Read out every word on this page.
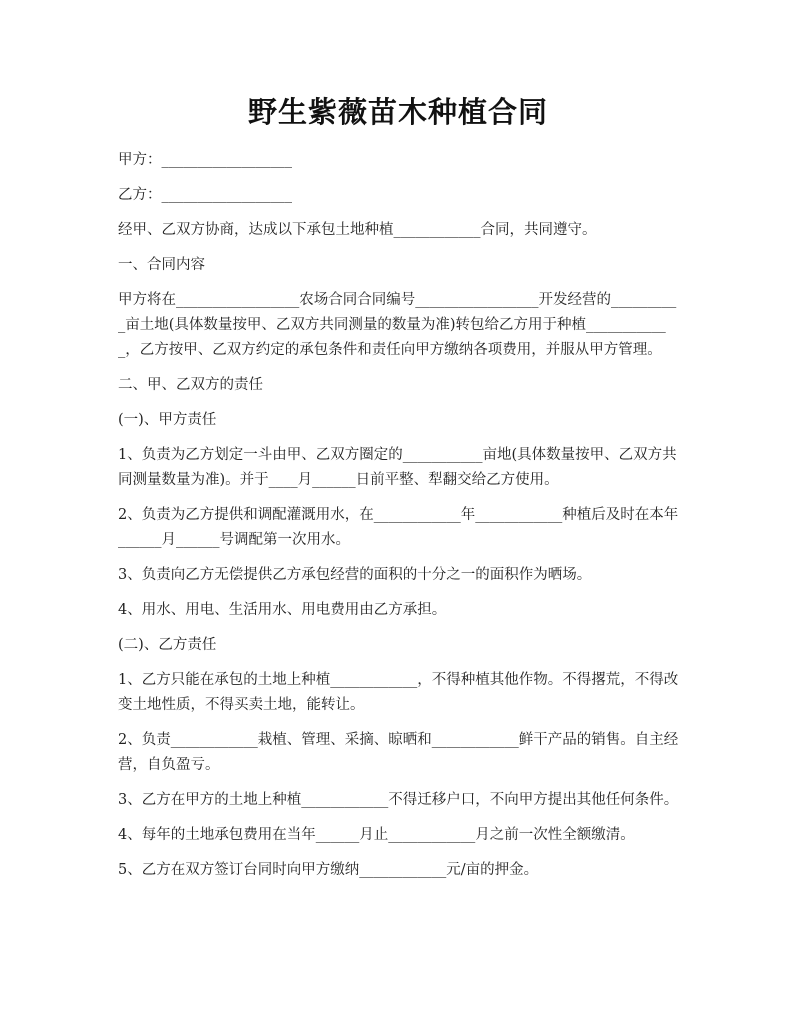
野生紫薇苗木种植合同

甲方：__________________

乙方：__________________

经甲、乙双方协商，达成以下承包土地种植____________合同，共同遵守。

一、合同内容

甲方将在_________________农场合同合同编号_________________开发经营的__________亩土地(具体数量按甲、乙双方共同测量的数量为准)转包给乙方用于种植____________，乙方按甲、乙双方约定的承包条件和责任向甲方缴纳各项费用，并服从甲方管理。

二、甲、乙双方的责任

(一)、甲方责任

1、负责为乙方划定一斗由甲、乙双方圈定的___________亩地(具体数量按甲、乙双方共同测量数量为准)。并于____月______日前平整、犁翻交给乙方使用。

2、负责为乙方提供和调配灌溉用水，在____________年____________种植后及时在本年______月______号调配第一次用水。

3、负责向乙方无偿提供乙方承包经营的面积的十分之一的面积作为晒场。

4、用水、用电、生活用水、用电费用由乙方承担。

(二)、乙方责任

1、乙方只能在承包的土地上种植____________，不得种植其他作物。不得撂荒，不得改变土地性质，不得买卖土地，能转让。

2、负责____________栽植、管理、采摘、晾晒和____________鲜干产品的销售。自主经营，自负盈亏。

3、乙方在甲方的土地上种植____________不得迁移户口，不向甲方提出其他任何条件。

4、每年的土地承包费用在当年______月止____________月之前一次性全额缴清。

5、乙方在双方签订台同时向甲方缴纳____________元/亩的押金。
